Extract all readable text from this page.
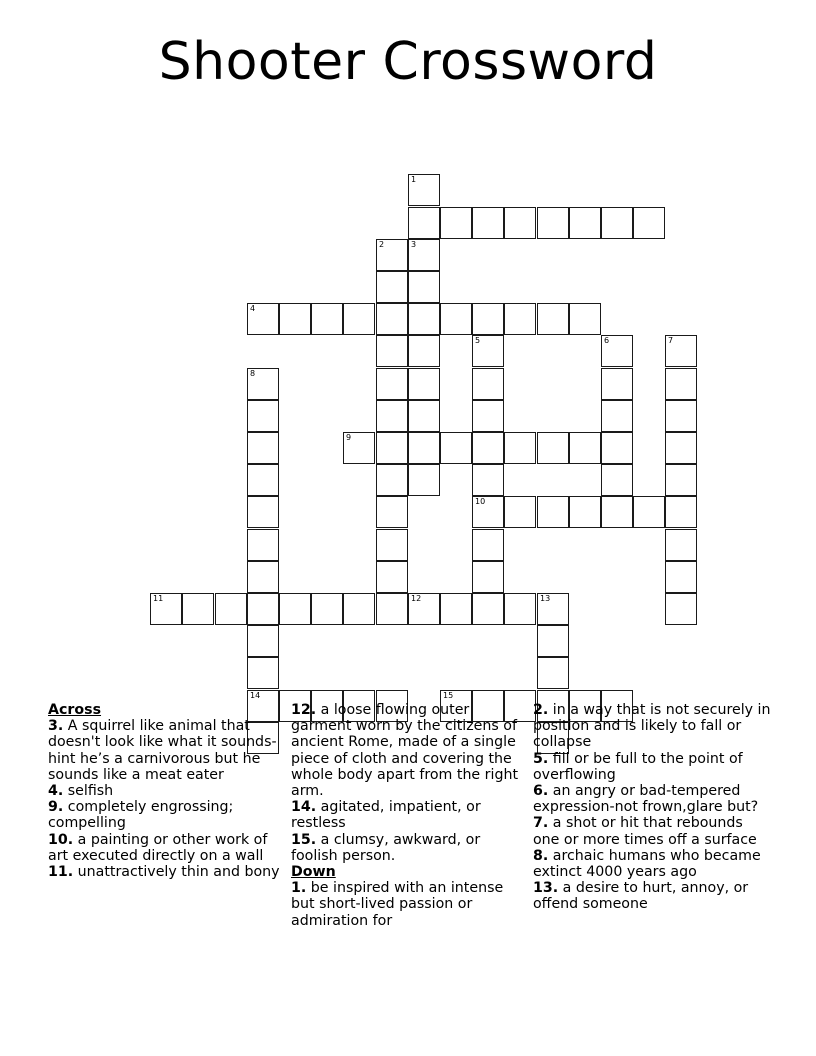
Shooter Crossword
4
9
10
11	12	13
14	15
1
3
2
5	6	7
8
Across
3. A squirrel like animal that doesn't look like what it sounds-hint he’s a carnivorous but he sounds like a meat eater
4. selfish
9. completely engrossing; compelling
10. a painting or other work of art executed directly on a wall
11. unattractively thin and bony
12. a loose flowing outer garment worn by the citizens of ancient Rome, made of a single piece of cloth and covering the whole body apart from the right arm.
14. agitated, impatient, or restless
15. a clumsy, awkward, or foolish person.
Down
1. be inspired with an intense but short-lived passion or admiration for
2. in a way that is not securely in position and is likely to fall or collapse
5. fill or be full to the point of overflowing
6. an angry or bad-tempered expression-not frown,glare but?
7. a shot or hit that rebounds one or more times off a surface
8. archaic humans who became extinct 4000 years ago
13. a desire to hurt, annoy, or offend someone
